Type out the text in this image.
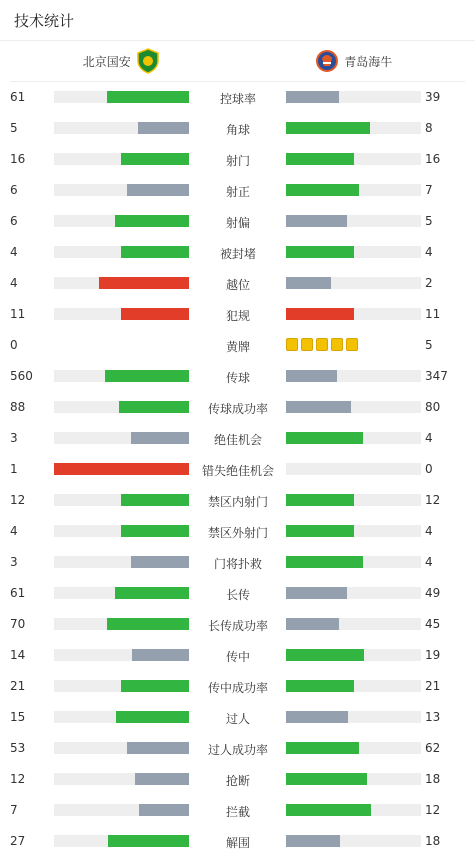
技术统计
北京国安	青岛海牛
61	控球率	39
5	角球	8
16	射门	16
6	射正	7
6	射偏	5
4	被封堵	4
4	越位	2
11	犯规	11
0	黄牌	5
560	传球	347
88	传球成功率	80
3	绝佳机会	4
1	错失绝佳机会	0
12	禁区内射门	12
4	禁区外射门	4
3	门将扑救	4
61	长传	49
70	长传成功率	45
14	传中	19
21	传中成功率	21
15	过人	13
53	过人成功率	62
12	抢断	18
7	拦截	12
27	解围	18
